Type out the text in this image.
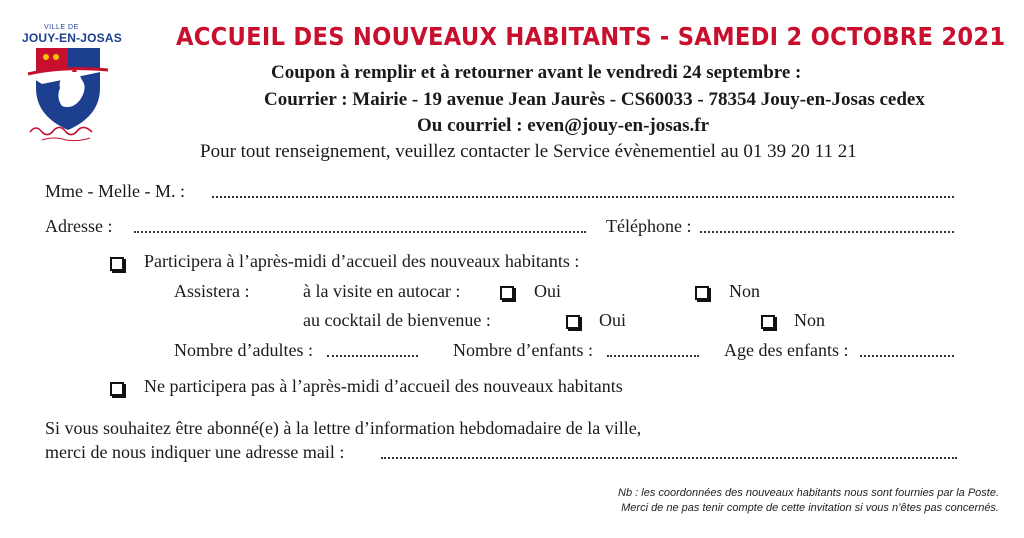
VILLE DE
JOUY-EN-JOSAS ACCUEIL DES NOUVEAUX HABITANTS - SAMEDI 2 OCTOBRE 2021
Coupon à remplir et à retourner avant le vendredi 24 septembre :
Courrier : Mairie - 19 avenue Jean Jaurès - CS60033 - 78354 Jouy-en-Josas cedex
Ou courriel : even@jouy-en-josas.fr
Pour tout renseignement, veuillez contacter le Service évènementiel au 01 39 20 11 21
Mme - Melle - M. :
Adresse :	Téléphone :
Participera à l’après-midi d’accueil des nouveaux habitants :
Assistera :	à la visite en autocar :	Oui	Non
au cocktail de bienvenue :	Oui	Non
Nombre d’adultes :	Nombre d’enfants :	Age des enfants :
Ne participera pas à l’après-midi d’accueil des nouveaux habitants
Si vous souhaitez être abonné(e) à la lettre d’information hebdomadaire de la ville,
merci de nous indiquer une adresse mail :
Nb : les coordonnées des nouveaux habitants nous sont fournies par la Poste.
Merci de ne pas tenir compte de cette invitation si vous n’êtes pas concernés.
